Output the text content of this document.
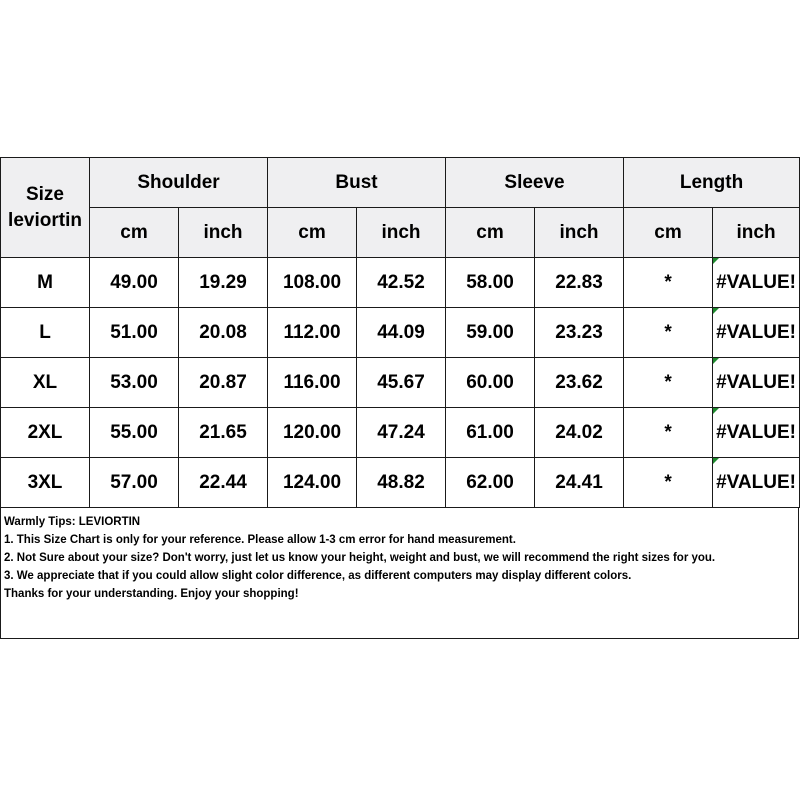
Size
leviortin	Shoulder		Bust		Sleeve		Length	
	cm	inch	cm	inch	cm	inch	cm	inch
M	49.00	19.29	108.00	42.52	58.00	22.83	*	#VALUE!
L	51.00	20.08	112.00	44.09	59.00	23.23	*	#VALUE!
XL	53.00	20.87	116.00	45.67	60.00	23.62	*	#VALUE!
2XL	55.00	21.65	120.00	47.24	61.00	24.02	*	#VALUE!
3XL	57.00	22.44	124.00	48.82	62.00	24.41	*	#VALUE!
Warmly Tips: LEVIORTIN
1. This Size Chart is only for your reference. Please allow 1-3 cm error for hand measurement.
2. Not Sure about your size? Don't worry, just let us know your height, weight and bust, we will recommend the right sizes for you.
3. We appreciate that if you could allow slight color difference, as different computers may display different colors.
Thanks for your understanding. Enjoy your shopping!
